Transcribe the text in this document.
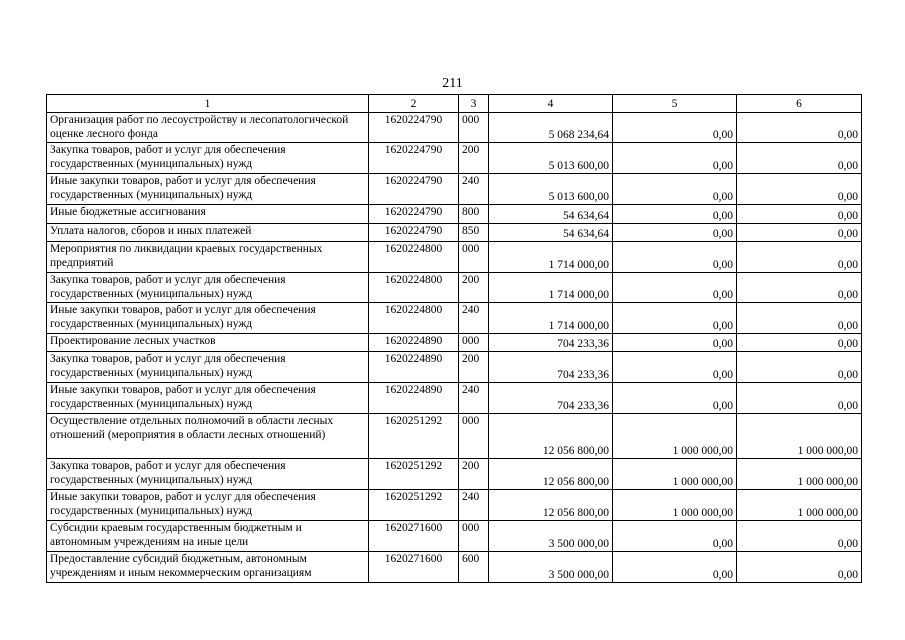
211
1	2	3	4	5	6
Организация работ по лесоустройству и лесопатологической оценке лесного фонда	1620224790	000	5 068 234,64	0,00	0,00
Закупка товаров, работ и услуг для обеспечения государственных (муниципальных) нужд	1620224790	200	5 013 600,00	0,00	0,00
Иные закупки товаров, работ и услуг для обеспечения государственных (муниципальных) нужд	1620224790	240	5 013 600,00	0,00	0,00
Иные бюджетные ассигнования	1620224790	800	54 634,64	0,00	0,00
Уплата налогов, сборов и иных платежей	1620224790	850	54 634,64	0,00	0,00
Мероприятия по ликвидации краевых государственных предприятий	1620224800	000	1 714 000,00	0,00	0,00
Закупка товаров, работ и услуг для обеспечения государственных (муниципальных) нужд	1620224800	200	1 714 000,00	0,00	0,00
Иные закупки товаров, работ и услуг для обеспечения государственных (муниципальных) нужд	1620224800	240	1 714 000,00	0,00	0,00
Проектирование лесных участков	1620224890	000	704 233,36	0,00	0,00
Закупка товаров, работ и услуг для обеспечения государственных (муниципальных) нужд	1620224890	200	704 233,36	0,00	0,00
Иные закупки товаров, работ и услуг для обеспечения государственных (муниципальных) нужд	1620224890	240	704 233,36	0,00	0,00
Осуществление отдельных полномочий в области лесных отношений (мероприятия в области лесных отношений)	1620251292	000	12 056 800,00	1 000 000,00	1 000 000,00
Закупка товаров, работ и услуг для обеспечения государственных (муниципальных) нужд	1620251292	200	12 056 800,00	1 000 000,00	1 000 000,00
Иные закупки товаров, работ и услуг для обеспечения государственных (муниципальных) нужд	1620251292	240	12 056 800,00	1 000 000,00	1 000 000,00
Субсидии краевым государственным бюджетным и автономным учреждениям на иные цели	1620271600	000	3 500 000,00	0,00	0,00
Предоставление субсидий бюджетным, автономным учреждениям и иным некоммерческим организациям	1620271600	600	3 500 000,00	0,00	0,00
